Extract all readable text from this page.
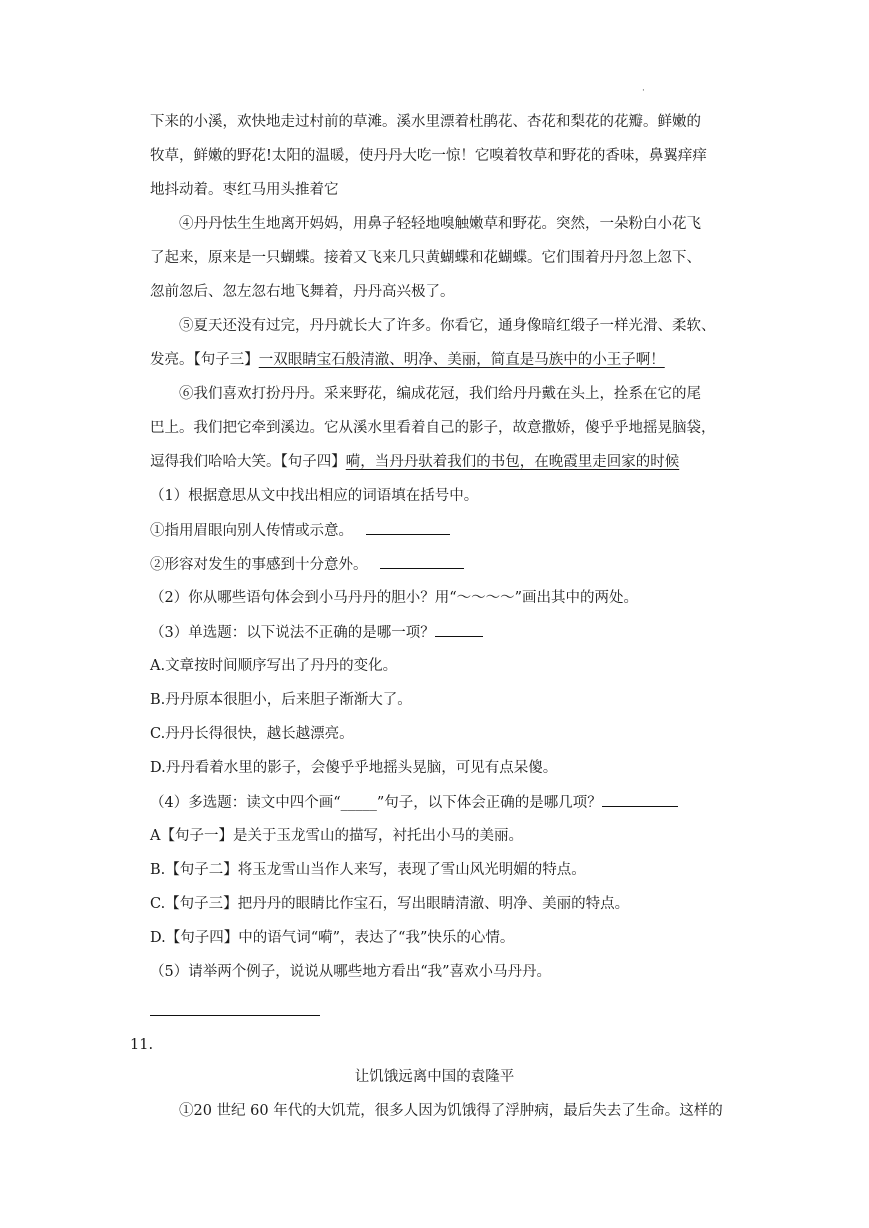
·
下来的小溪，欢快地走过村前的草滩。溪水里漂着杜鹃花、杏花和梨花的花瓣。鲜嫩的
牧草，鲜嫩的野花!太阳的温暖，使丹丹大吃一惊！它嗅着牧草和野花的香味，鼻翼痒痒
地抖动着。枣红马用头推着它
④丹丹怯生生地离开妈妈，用鼻子轻轻地嗅触嫩草和野花。突然，一朵粉白小花飞
了起来，原来是一只蝴蝶。接着又飞来几只黄蝴蝶和花蝴蝶。它们围着丹丹忽上忽下、
忽前忽后、忽左忽右地飞舞着，丹丹高兴极了。
⑤夏天还没有过完，丹丹就长大了许多。你看它，通身像暗红缎子一样光滑、柔软、
发亮。【句子三】一双眼睛宝石般清澈、明净、美丽，简直是马族中的小王子啊！
⑥我们喜欢打扮丹丹。采来野花，编成花冠，我们给丹丹戴在头上，拴系在它的尾
巴上。我们把它牵到溪边。它从溪水里看着自己的影子，故意撒娇，傻乎乎地摇晃脑袋，
逗得我们哈哈大笑。【句子四】嗬，当丹丹驮着我们的书包，在晚霞里走回家的时候
（1）根据意思从文中找出相应的词语填在括号中。
①指用眉眼向别人传情或示意。
②形容对发生的事感到十分意外。
（2）你从哪些语句体会到小马丹丹的胆小？用“～～～～”画出其中的两处。
（3）单选题：以下说法不正确的是哪一项？
A.文章按时间顺序写出了丹丹的变化。
B.丹丹原本很胆小，后来胆子渐渐大了。
C.丹丹长得很快，越长越漂亮。
D.丹丹看着水里的影子，会傻乎乎地摇头晃脑，可见有点呆傻。
（4）多选题：读文中四个画“_____”句子，以下体会正确的是哪几项？
A【句子一】是关于玉龙雪山的描写，衬托出小马的美丽。
B.【句子二】将玉龙雪山当作人来写，表现了雪山风光明媚的特点。
C.【句子三】把丹丹的眼睛比作宝石，写出眼睛清澈、明净、美丽的特点。
D.【句子四】中的语气词“嗬”，表达了“我”快乐的心情。
（5）请举两个例子，说说从哪些地方看出“我”喜欢小马丹丹。
11.
让饥饿远离中国的袁隆平
①20 世纪 60 年代的大饥荒，很多人因为饥饿得了浮肿病，最后失去了生命。这样的
